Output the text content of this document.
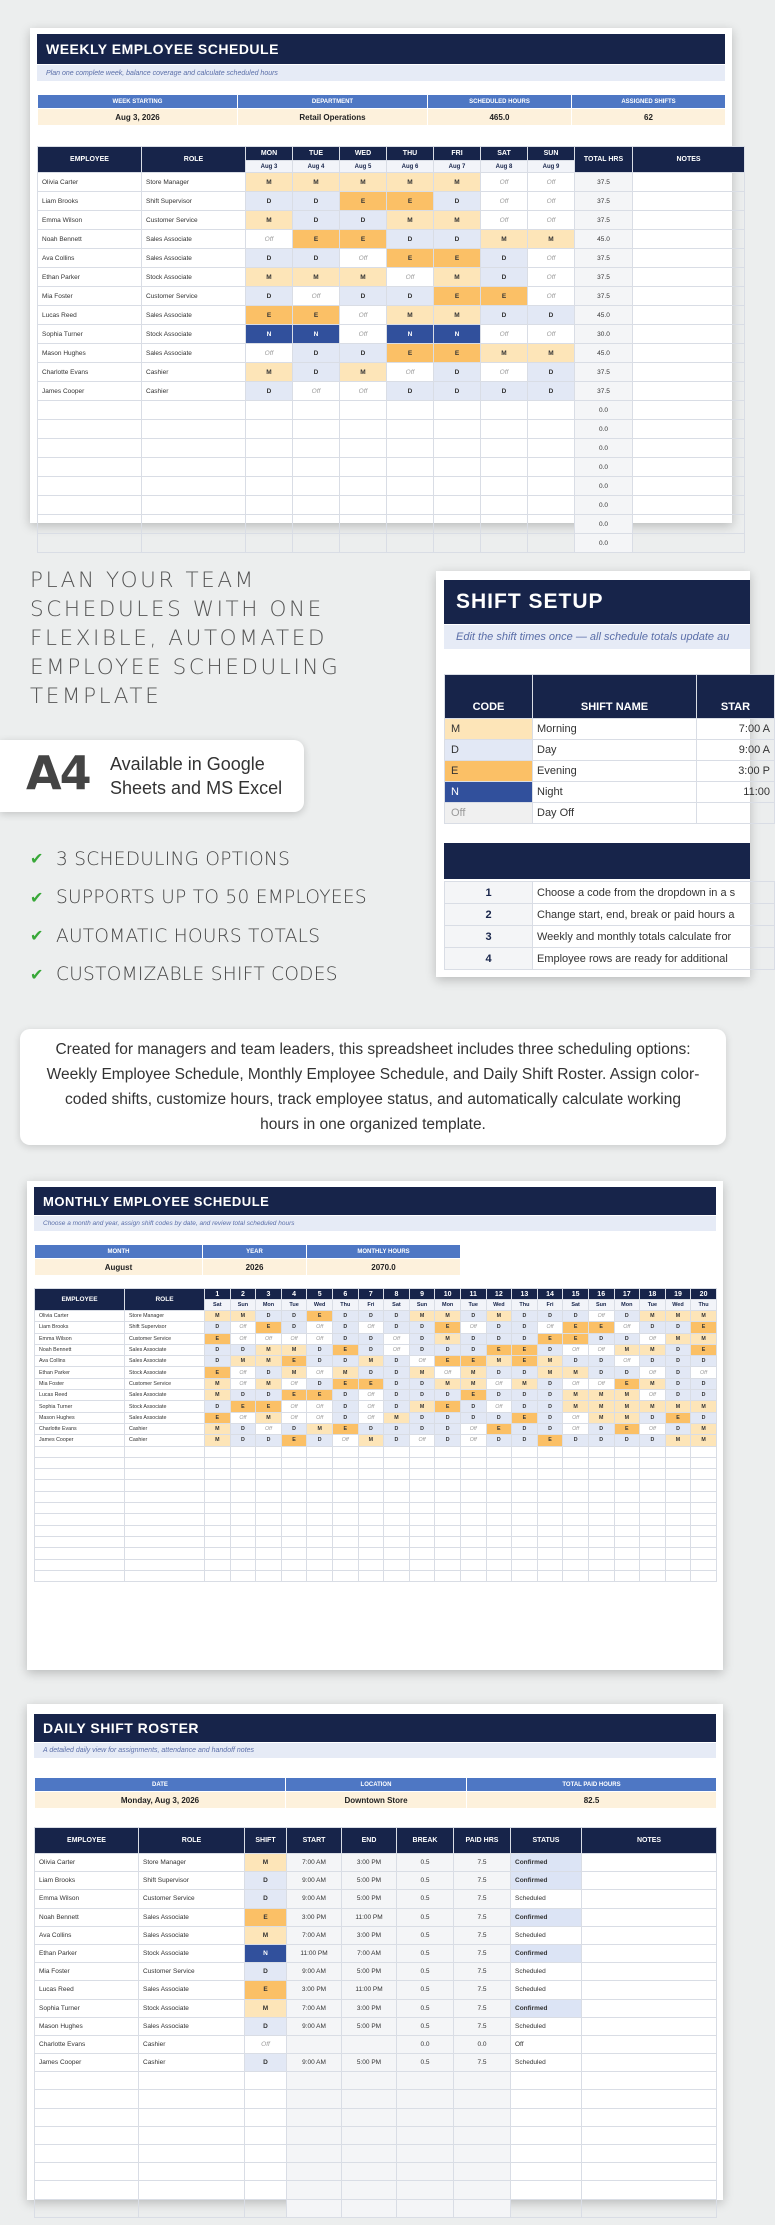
WEEKLY EMPLOYEE SCHEDULE
Plan one complete week, balance coverage and calculate scheduled hours
WEEK STARTING	DEPARTMENT	SCHEDULED HOURS	ASSIGNED SHIFTS
Aug 3, 2026	Retail Operations	465.0	62
EMPLOYEE	ROLE	MON	TUE	WED	THU	FRI	SAT	SUN	TOTAL HRS	NOTES
		Aug 3	Aug 4	Aug 5	Aug 6	Aug 7	Aug 8	Aug 9		
Olivia Carter	Store Manager	M	M	M	M	M	Off	Off	37.5	
Liam Brooks	Shift Supervisor	D	D	E	E	D	Off	Off	37.5	
Emma Wilson	Customer Service	M	D	D	M	M	Off	Off	37.5	
Noah Bennett	Sales Associate	Off	E	E	D	D	M	M	45.0	
Ava Collins	Sales Associate	D	D	Off	E	E	D	Off	37.5	
Ethan Parker	Stock Associate	M	M	M	Off	M	D	Off	37.5	
Mia Foster	Customer Service	D	Off	D	D	E	E	Off	37.5	
Lucas Reed	Sales Associate	E	E	Off	M	M	D	D	45.0	
Sophia Turner	Stock Associate	N	N	Off	N	N	Off	Off	30.0	
Mason Hughes	Sales Associate	Off	D	D	E	E	M	M	45.0	
Charlotte Evans	Cashier	M	D	M	Off	D	Off	D	37.5	
James Cooper	Cashier	D	Off	Off	D	D	D	D	37.5	
									0.0	
									0.0	
									0.0	
									0.0	
									0.0	
									0.0	
									0.0	
									0.0	
PLAN YOUR TEAM SCHEDULES WITH ONE FLEXIBLE, AUTOMATED EMPLOYEE SCHEDULING TEMPLATE
A4 Available in Google
Sheets and MS Excel
✔ 3 SCHEDULING OPTIONS
✔ SUPPORTS UP TO 50 EMPLOYEES
✔ AUTOMATIC HOURS TOTALS
✔ CUSTOMIZABLE SHIFT CODES
SHIFT SETUP
Edit the shift times once — all schedule totals update au
CODE	SHIFT NAME	STAR
M	Morning	7:00 A
D	Day	9:00 A
E	Evening	3:00 P
N	Night	11:00
Off	Day Off	
1	Choose a code from the dropdown in a s
2	Change start, end, break or paid hours a
3	Weekly and monthly totals calculate fror
4	Employee rows are ready for additional

Created for managers and team leaders, this spreadsheet includes three scheduling options: Weekly Employee Schedule, Monthly Employee Schedule, and Daily Shift Roster. Assign color-coded shifts, customize hours, track employee status, and automatically calculate working hours in one organized template.

MONTHLY EMPLOYEE SCHEDULE
Choose a month and year, assign shift codes by date, and review total scheduled hours
MONTH	YEAR	MONTHLY HOURS
August	2026	2070.0
EMPLOYEE	ROLE	1	2	3	4	5	6	7	8	9	10	11	12	13	14	15	16	17	18	19	20
		Sat	Sun	Mon	Tue	Wed	Thu	Fri	Sat	Sun	Mon	Tue	Wed	Thu	Fri	Sat	Sun	Mon	Tue	Wed	Thu
Olivia Carter	Store Manager	M	M	D	D	E	D	D	D	M	M	D	M	D	D	D	Off	D	M	M	M
Liam Brooks	Shift Supervisor	D	Off	E	D	Off	D	Off	D	D	E	Off	D	D	Off	E	E	Off	D	D	E
Emma Wilson	Customer Service	E	Off	Off	Off	Off	D	D	Off	D	M	D	D	D	E	E	D	D	Off	M	M
Noah Bennett	Sales Associate	D	D	M	M	D	E	D	Off	D	D	D	E	E	D	Off	Off	M	M	D	E
Ava Collins	Sales Associate	D	M	M	E	D	D	M	D	Off	E	E	M	E	M	D	D	Off	D	D	D
Ethan Parker	Stock Associate	E	Off	D	M	Off	M	D	D	M	Off	M	D	D	M	M	D	D	Off	D	Off
Mia Foster	Customer Service	M	Off	M	Off	D	E	E	D	D	M	M	Off	M	D	Off	Off	E	M	D	D
Lucas Reed	Sales Associate	M	D	D	E	E	D	Off	D	D	D	E	D	D	D	M	M	M	Off	D	D
Sophia Turner	Stock Associate	D	E	E	Off	Off	D	Off	D	M	E	D	Off	D	D	M	M	M	M	M	M
Mason Hughes	Sales Associate	E	Off	M	Off	Off	D	Off	M	D	D	D	D	E	D	Off	M	M	D	E	D
Charlotte Evans	Cashier	M	D	Off	D	M	E	D	D	D	D	Off	E	D	D	Off	D	E	Off	D	M
James Cooper	Cashier	M	D	D	E	D	Off	M	D	Off	D	Off	D	D	E	D	D	D	D	M	M

DAILY SHIFT ROSTER
A detailed daily view for assignments, attendance and handoff notes
DATE	LOCATION	TOTAL PAID HOURS
Monday, Aug 3, 2026	Downtown Store	82.5
EMPLOYEE	ROLE	SHIFT	START	END	BREAK	PAID HRS	STATUS	NOTES
Olivia Carter	Store Manager	M	7:00 AM	3:00 PM	0.5	7.5	Confirmed	
Liam Brooks	Shift Supervisor	D	9:00 AM	5:00 PM	0.5	7.5	Confirmed	
Emma Wilson	Customer Service	D	9:00 AM	5:00 PM	0.5	7.5	Scheduled	
Noah Bennett	Sales Associate	E	3:00 PM	11:00 PM	0.5	7.5	Confirmed	
Ava Collins	Sales Associate	M	7:00 AM	3:00 PM	0.5	7.5	Scheduled	
Ethan Parker	Stock Associate	N	11:00 PM	7:00 AM	0.5	7.5	Confirmed	
Mia Foster	Customer Service	D	9:00 AM	5:00 PM	0.5	7.5	Scheduled	
Lucas Reed	Sales Associate	E	3:00 PM	11:00 PM	0.5	7.5	Scheduled	
Sophia Turner	Stock Associate	M	7:00 AM	3:00 PM	0.5	7.5	Confirmed	
Mason Hughes	Sales Associate	D	9:00 AM	5:00 PM	0.5	7.5	Scheduled	
Charlotte Evans	Cashier	Off			0.0	0.0	Off	
James Cooper	Cashier	D	9:00 AM	5:00 PM	0.5	7.5	Scheduled	
